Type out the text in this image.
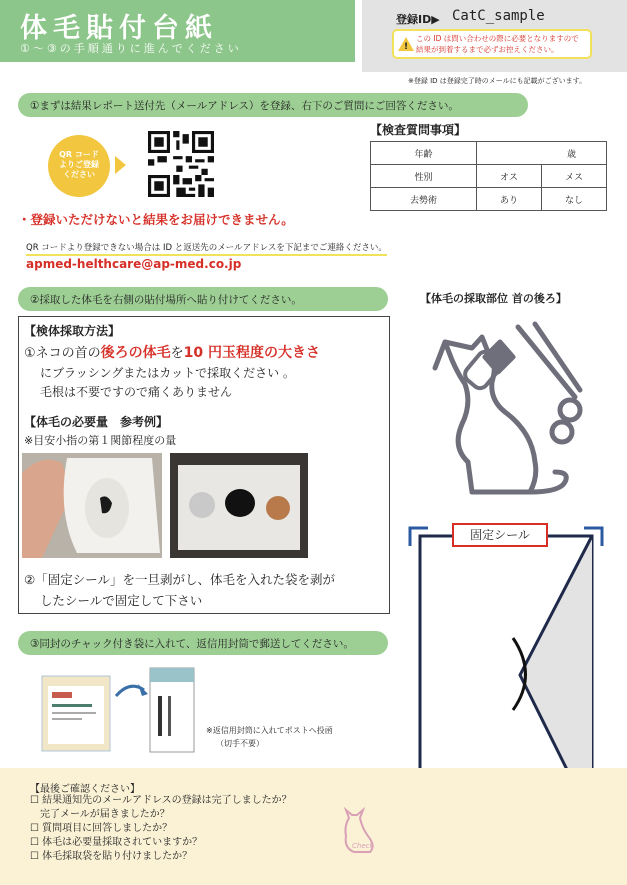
体毛貼付台紙
①～③の手順通りに進んでください
登録ID▶ CatC_sample
!
この ID は問い合わせの際に必要となりますので
結果が到着するまで必ずお控えください。
※登録 ID は登録完了時のメールにも記載がございます。
①まずは結果レポート送付先（メールアドレス）を登録、右下のご質問にご回答ください。
QR コード
よりご登録
ください
【検査質問事項】
年齢	歳	
性別	オス	メス
去勢術	あり	なし
・登録いただけないと結果をお届けできません。
QR コードより登録できない場合は ID と返送先のメールアドレスを下記までご連絡ください。
apmed-helthcare@ap-med.co.jp
②採取した体毛を右側の貼付場所へ貼り付けてください。	【体毛の採取部位 首の後ろ】
【検体採取方法】
①ネコの首の後ろの体毛を10 円玉程度の大きさ
にブラッシングまたはカットで採取ください 。
毛根は不要ですので痛くありません
【体毛の必要量　参考例】
※目安小指の第１関節程度の量
②「固定シール」を一旦剥がし、体毛を入れた袋を剥が
したシールで固定して下さい
固定シール
③同封のチャック付き袋に入れて、返信用封筒で郵送してください。
※返信用封筒に入れてポストへ投函
（切手不要）
【最後ご確認ください】
☐ 結果通知先のメールアドレスの登録は完了しましたか？
　完了メールが届きましたか？
☐ 質問項目に回答しましたか？
☐ 体毛は必要量採取されていますか？
☐ 体毛採取袋を貼り付けましたか？
Check
